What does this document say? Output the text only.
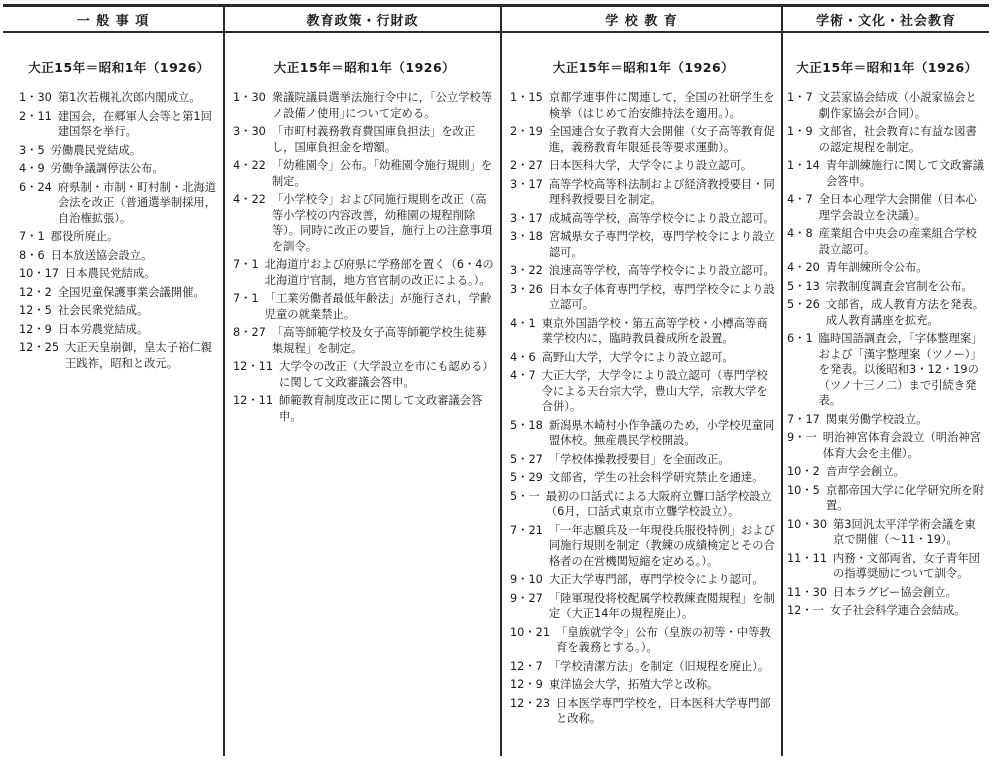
一 般 事 項
大正15年＝昭和1年（1926）
1・30 第1次若槻礼次郎内閣成立。
2・11 建国会，在郷軍人会等と第1回建国祭を挙行。
3・5 労働農民党結成。
4・9 労働争議調停法公布。
6・24 府県制・市制・町村制・北海道会法を改正（普通選挙制採用，自治権拡張）。
7・1 郡役所廃止。
8・6 日本放送協会設立。
10・17 日本農民党結成。
12・2 全国児童保護事業会議開催。
12・5 社会民衆党結成。
12・9 日本労農党結成。
12・25 大正天皇崩御，皇太子裕仁親王践祚，昭和と改元。
教育政策・行財政
大正15年＝昭和1年（1926）
1・30 衆議院議員選挙法施行令中に，｢公立学校等ノ設備ノ使用｣について定める。
3・30 「市町村義務教育費国庫負担法」を改正し，国庫負担金を増額。
4・22 「幼稚園令」公布。「幼稚園令施行規則」を制定。
4・22 「小学校令」および同施行規則を改正（高等小学校の内容改善，幼稚園の規程削除等）。同時に改正の要旨，施行上の注意事項を訓令。
7・1 北海道庁および府県に学務部を置く（6・4の北海道庁官制，地方官官制の改正による。）。
7・1 「工業労働者最低年齢法」が施行され，学齢児童の就業禁止。
8・27 「高等師範学校及女子高等師範学校生徒募集規程」を制定。
12・11 大学令の改正（大学設立を市にも認める）に関して文政審議会答申。
12・11 師範教育制度改正に関して文政審議会答申。
学 校 教 育
大正15年＝昭和1年（1926）
1・15 京都学連事件に関連して，全国の社研学生を検挙（はじめて治安維持法を適用。）。
2・19 全国連合女子教育大会開催（女子高等教育促進，義務教育年限延長等要求運動）。
2・27 日本医科大学，大学令により設立認可。
3・17 高等学校高等科法制および経済教授要目・同理科教授要目を制定。
3・17 成城高等学校，高等学校令により設立認可。
3・18 宮城県女子専門学校，専門学校令により設立認可。
3・22 浪速高等学校，高等学校令により設立認可。
3・26 日本女子体育専門学校，専門学校令により設立認可。
4・1 東京外国語学校・第五高等学校・小樽高等商業学校内に，臨時教員養成所を設置。
4・6 高野山大学，大学令により設立認可。
4・7 大正大学，大学令により設立認可（専門学校令による天台宗大学，豊山大学，宗教大学を合併）。
5・18 新潟県木崎村小作争議のため，小学校児童同盟休校。無産農民学校開設。
5・27 「学校体操教授要目」を全面改正。
5・29 文部省，学生の社会科学研究禁止を通達。
5・一 最初の口話式による大阪府立聾口話学校設立（6月，口話式東京市立聾学校設立）。
7・21 「一年志願兵及一年現役兵服役特例」および同施行規則を制定（教練の成績検定とその合格者の在営機関短縮を定める。）。
9・10 大正大学専門部，専門学校令により認可。
9・27 「陸軍現役将校配属学校教練査閲規程」を制定（大正14年の規程廃止）。
10・21 「皇族就学令」公布（皇族の初等・中等教育を義務とする。）。
12・7 「学校清潔方法」を制定（旧規程を廃止）。
12・9 東洋協会大学，拓殖大学と改称。
12・23 日本医学専門学校を，日本医科大学専門部と改称。
学術・文化・社会教育
大正15年＝昭和1年（1926）
1・7 文芸家協会結成（小説家協会と劇作家協会が合同）。
1・9 文部省，社会教育に有益な図書の認定規程を制定。
1・14 青年訓練施行に関して文政審議会答申。
4・7 全日本心理学大会開催（日本心理学会設立を決議）。
4・8 産業組合中央会の産業組合学校設立認可。
4・20 青年訓練所令公布。
5・13 宗教制度調査会官制を公布。
5・26 文部省，成人教育方法を発表。成人教育講座を拡充。
6・1 臨時国語調査会，「字体整理案」および「漢字整理案（ツノー）」を発表。以後昭和3・12・19の（ツノ十三ノ二）まで引続き発表。
7・17 関東労働学校設立。
9・一 明治神宮体育会設立（明治神宮体育大会を主催）。
10・2 音声学会創立。
10・5 京都帝国大学に化学研究所を附置。
10・30 第3回汎太平洋学術会議を東京で開催（～11・19）。
11・11 内務・文部両省，女子青年団の指導奨励について訓令。
11・30 日本ラグビー協会創立。
12・一 女子社会科学連合会結成。
